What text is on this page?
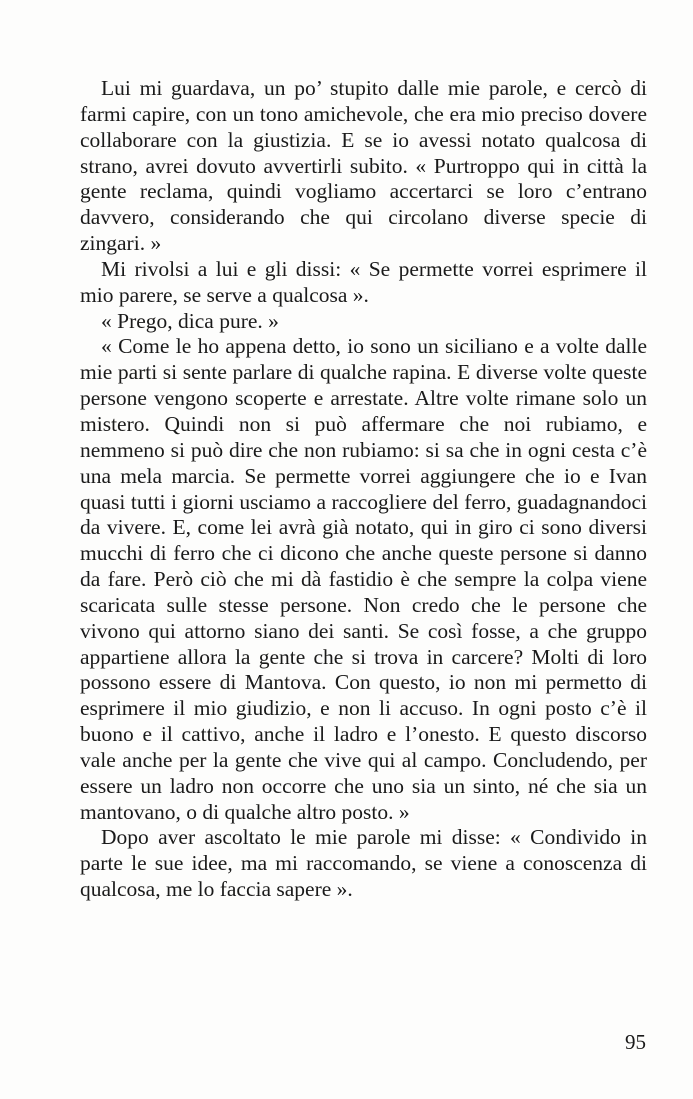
Lui mi guardava, un po’ stupito dalle mie parole, e cercò di farmi capire, con un tono amichevole, che era mio preciso dovere collaborare con la giustizia. E se io avessi notato qualcosa di strano, avrei dovuto avvertirli subito. « Purtroppo qui in città la gente reclama, quindi vogliamo accertarci se loro c’entrano davvero, considerando che qui circolano diverse specie di zingari. »

Mi rivolsi a lui e gli dissi: « Se permette vorrei esprimere il mio parere, se serve a qualcosa ».

« Prego, dica pure. »

« Come le ho appena detto, io sono un siciliano e a volte dalle mie parti si sente parlare di qualche rapina. E diverse volte queste persone vengono scoperte e arrestate. Altre volte rimane solo un mistero. Quindi non si può affermare che noi rubiamo, e nemmeno si può dire che non rubiamo: si sa che in ogni cesta c’è una mela marcia. Se permette vorrei aggiungere che io e Ivan quasi tutti i giorni usciamo a raccogliere del ferro, guadagnandoci da vivere. E, come lei avrà già notato, qui in giro ci sono diversi mucchi di ferro che ci dicono che anche queste persone si danno da fare. Però ciò che mi dà fastidio è che sempre la colpa viene scaricata sulle stesse persone. Non credo che le persone che vivono qui attorno siano dei santi. Se così fosse, a che gruppo appartiene allora la gente che si trova in carcere? Molti di loro possono essere di Mantova. Con questo, io non mi permetto di esprimere il mio giudizio, e non li accuso. In ogni posto c’è il buono e il cattivo, anche il ladro e l’onesto. E questo discorso vale anche per la gente che vive qui al campo. Concludendo, per essere un ladro non occorre che uno sia un sinto, né che sia un mantovano, o di qualche altro posto. »

Dopo aver ascoltato le mie parole mi disse: « Condivido in parte le sue idee, ma mi raccomando, se viene a conoscenza di qualcosa, me lo faccia sapere ».

95
